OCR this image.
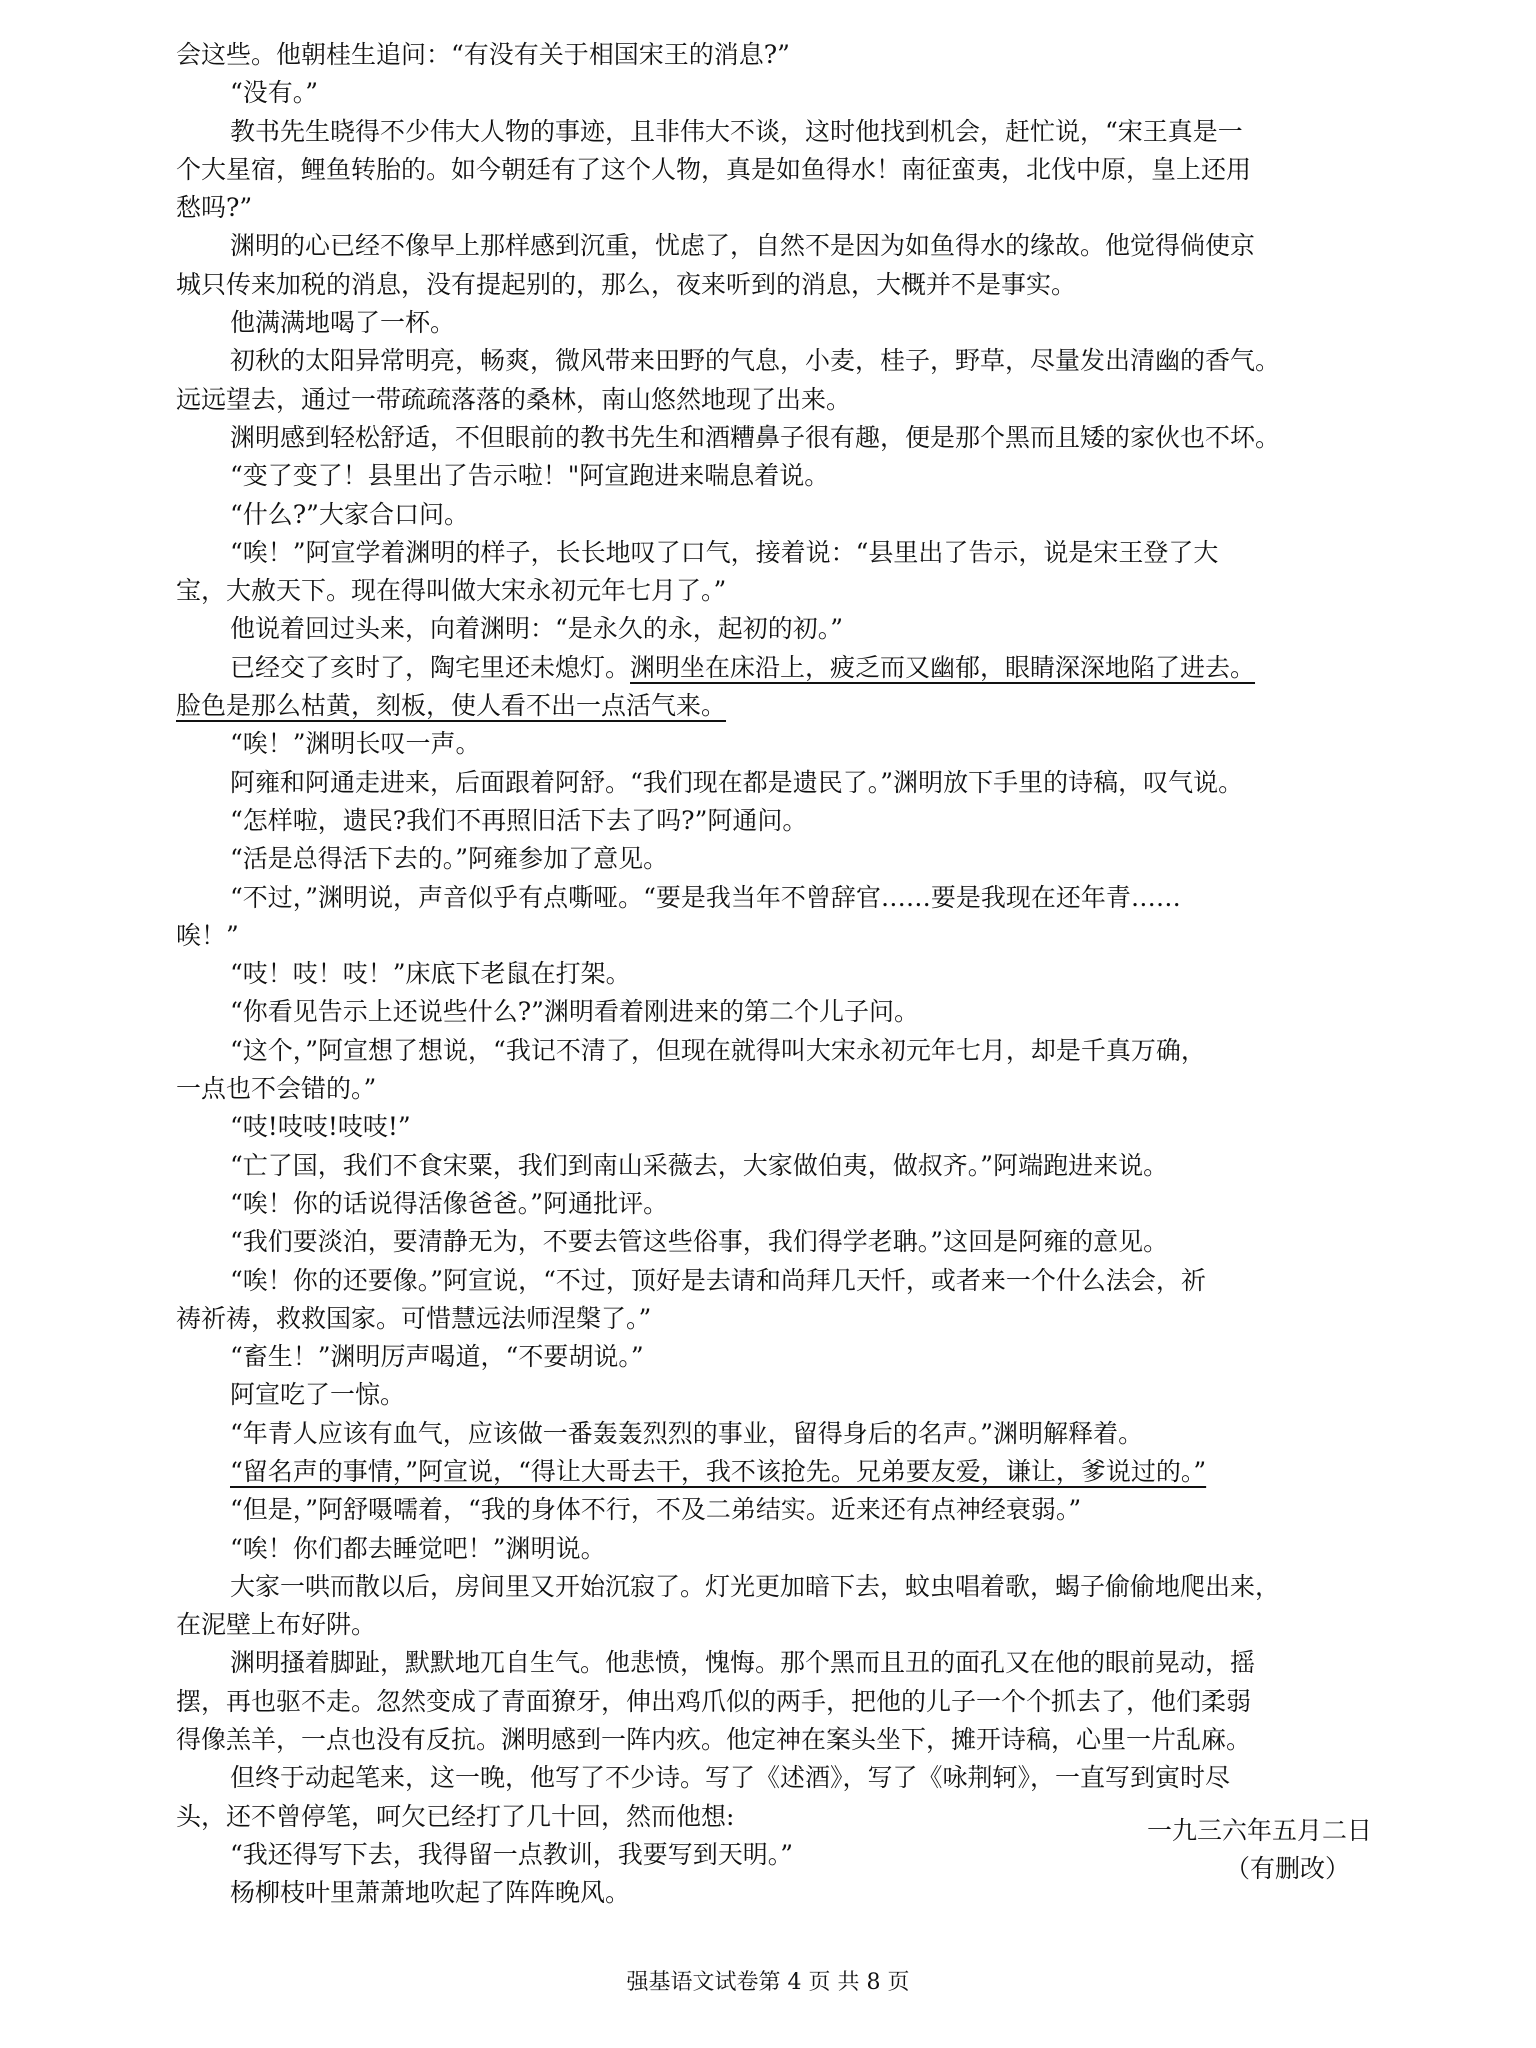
会这些。他朝桂生追问：“有没有关于相国宋王的消息?”
“没有。”
教书先生晓得不少伟大人物的事迹，且非伟大不谈，这时他找到机会，赶忙说，“宋王真是一
个大星宿，鲤鱼转胎的。如今朝廷有了这个人物，真是如鱼得水！南征蛮夷，北伐中原，皇上还用
愁吗?”
渊明的心已经不像早上那样感到沉重，忧虑了，自然不是因为如鱼得水的缘故。他觉得倘使京
城只传来加税的消息，没有提起别的，那么，夜来听到的消息，大概并不是事实。
他满满地喝了一杯。
初秋的太阳异常明亮，畅爽，微风带来田野的气息，小麦，桂子，野草，尽量发出清幽的香气。
远远望去，通过一带疏疏落落的桑林，南山悠然地现了出来。
渊明感到轻松舒适，不但眼前的教书先生和酒糟鼻子很有趣，便是那个黑而且矮的家伙也不坏。
“变了变了！县里出了告示啦！"阿宣跑进来喘息着说。
“什么?”大家合口问。
“唉！”阿宣学着渊明的样子，长长地叹了口气，接着说：“县里出了告示，说是宋王登了大
宝，大赦天下。现在得叫做大宋永初元年七月了。”
他说着回过头来，向着渊明：“是永久的永，起初的初。”
已经交了亥时了，陶宅里还未熄灯。渊明坐在床沿上，疲乏而又幽郁，眼睛深深地陷了进去。
脸色是那么枯黄，刻板，使人看不出一点活气来。
“唉！”渊明长叹一声。
阿雍和阿通走进来，后面跟着阿舒。“我们现在都是遗民了。”渊明放下手里的诗稿，叹气说。
“怎样啦，遗民?我们不再照旧活下去了吗?”阿通问。
“活是总得活下去的。”阿雍参加了意见。
“不过，”渊明说，声音似乎有点嘶哑。“要是我当年不曾辞官……要是我现在还年青……
唉！”
“吱！吱！吱！”床底下老鼠在打架。
“你看见告示上还说些什么?”渊明看着刚进来的第二个儿子问。
“这个，”阿宣想了想说，“我记不清了，但现在就得叫大宋永初元年七月，却是千真万确，
一点也不会错的。”
“吱!吱吱!吱吱!”
“亡了国，我们不食宋粟，我们到南山采薇去，大家做伯夷，做叔齐。”阿端跑进来说。
“唉！你的话说得活像爸爸。”阿通批评。
“我们要淡泊，要清静无为，不要去管这些俗事，我们得学老聃。”这回是阿雍的意见。
“唉！你的还要像。”阿宣说，“不过，顶好是去请和尚拜几天忏，或者来一个什么法会，祈
祷祈祷，救救国家。可惜慧远法师涅槃了。”
“畜生！”渊明厉声喝道，“不要胡说。”
阿宣吃了一惊。
“年青人应该有血气，应该做一番轰轰烈烈的事业，留得身后的名声。”渊明解释着。
“留名声的事情，”阿宣说，“得让大哥去干，我不该抢先。兄弟要友爱，谦让，爹说过的。”
“但是，”阿舒嗫嚅着，“我的身体不行，不及二弟结实。近来还有点神经衰弱。”
“唉！你们都去睡觉吧！”渊明说。
大家一哄而散以后，房间里又开始沉寂了。灯光更加暗下去，蚊虫唱着歌，蝎子偷偷地爬出来，
在泥壁上布好阱。
渊明搔着脚趾，默默地兀自生气。他悲愤，愧悔。那个黑而且丑的面孔又在他的眼前晃动，摇
摆，再也驱不走。忽然变成了青面獠牙，伸出鸡爪似的两手，把他的儿子一个个抓去了，他们柔弱
得像羔羊，一点也没有反抗。渊明感到一阵内疚。他定神在案头坐下，摊开诗稿，心里一片乱麻。
但终于动起笔来，这一晚，他写了不少诗。写了《述酒》，写了《咏荆轲》，一直写到寅时尽
头，还不曾停笔，呵欠已经打了几十回，然而他想:
“我还得写下去，我得留一点教训，我要写到天明。”
杨柳枝叶里萧萧地吹起了阵阵晚风。
一九三六年五月二日
（有删改）
强基语文试卷第 4 页 共 8 页
